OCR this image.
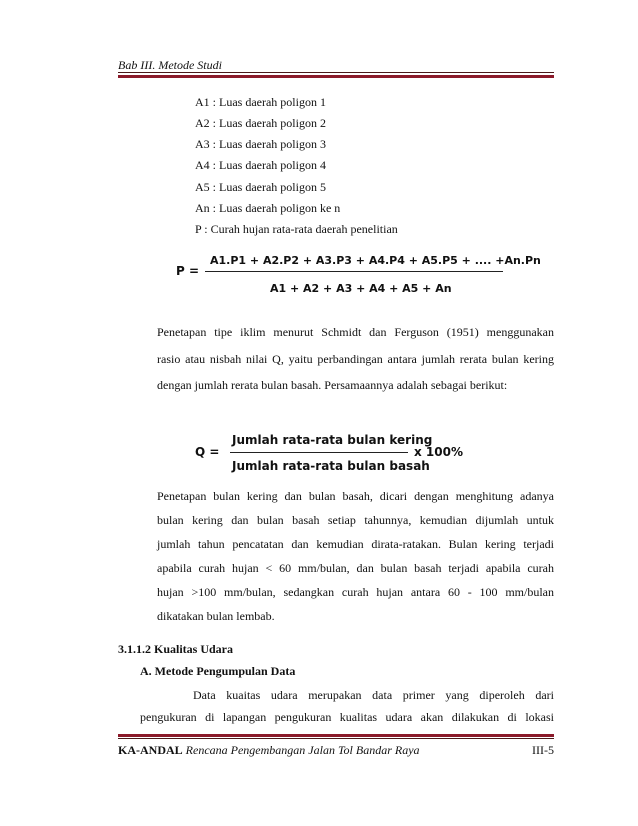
Bab III. Metode Studi
A1 : Luas daerah poligon 1
A2 : Luas daerah poligon 2
A3 : Luas daerah poligon 3
A4 : Luas daerah poligon 4
A5 : Luas daerah poligon 5
An : Luas daerah poligon ke n
P : Curah hujan rata-rata daerah penelitian
P =
A1.P1 + A2.P2 + A3.P3 + A4.P4 + A5.P5 + .... +An.Pn
A1 + A2 + A3 + A4 + A5 + An
Penetapan tipe iklim menurut Schmidt dan Ferguson (1951) menggunakan
rasio atau nisbah nilai Q, yaitu perbandingan antara jumlah rerata bulan kering
dengan jumlah rerata bulan basah. Persamaannya adalah sebagai berikut:
Q =
Jumlah rata-rata bulan kering
Jumlah rata-rata bulan basah
x 100%
Penetapan bulan kering dan bulan basah, dicari dengan menghitung adanya
bulan kering dan bulan basah setiap tahunnya, kemudian dijumlah untuk
jumlah tahun pencatatan dan kemudian dirata-ratakan. Bulan kering terjadi
apabila curah hujan < 60 mm/bulan, dan bulan basah terjadi apabila curah
hujan >100 mm/bulan, sedangkan curah hujan antara 60 - 100 mm/bulan
dikatakan bulan lembab.
3.1.1.2 Kualitas Udara
A. Metode Pengumpulan Data
Data kuaitas udara merupakan data primer yang diperoleh dari
pengukuran di lapangan pengukuran kualitas udara akan dilakukan di lokasi
KA-ANDAL Rencana Pengembangan Jalan Tol Bandar Raya	III-5
